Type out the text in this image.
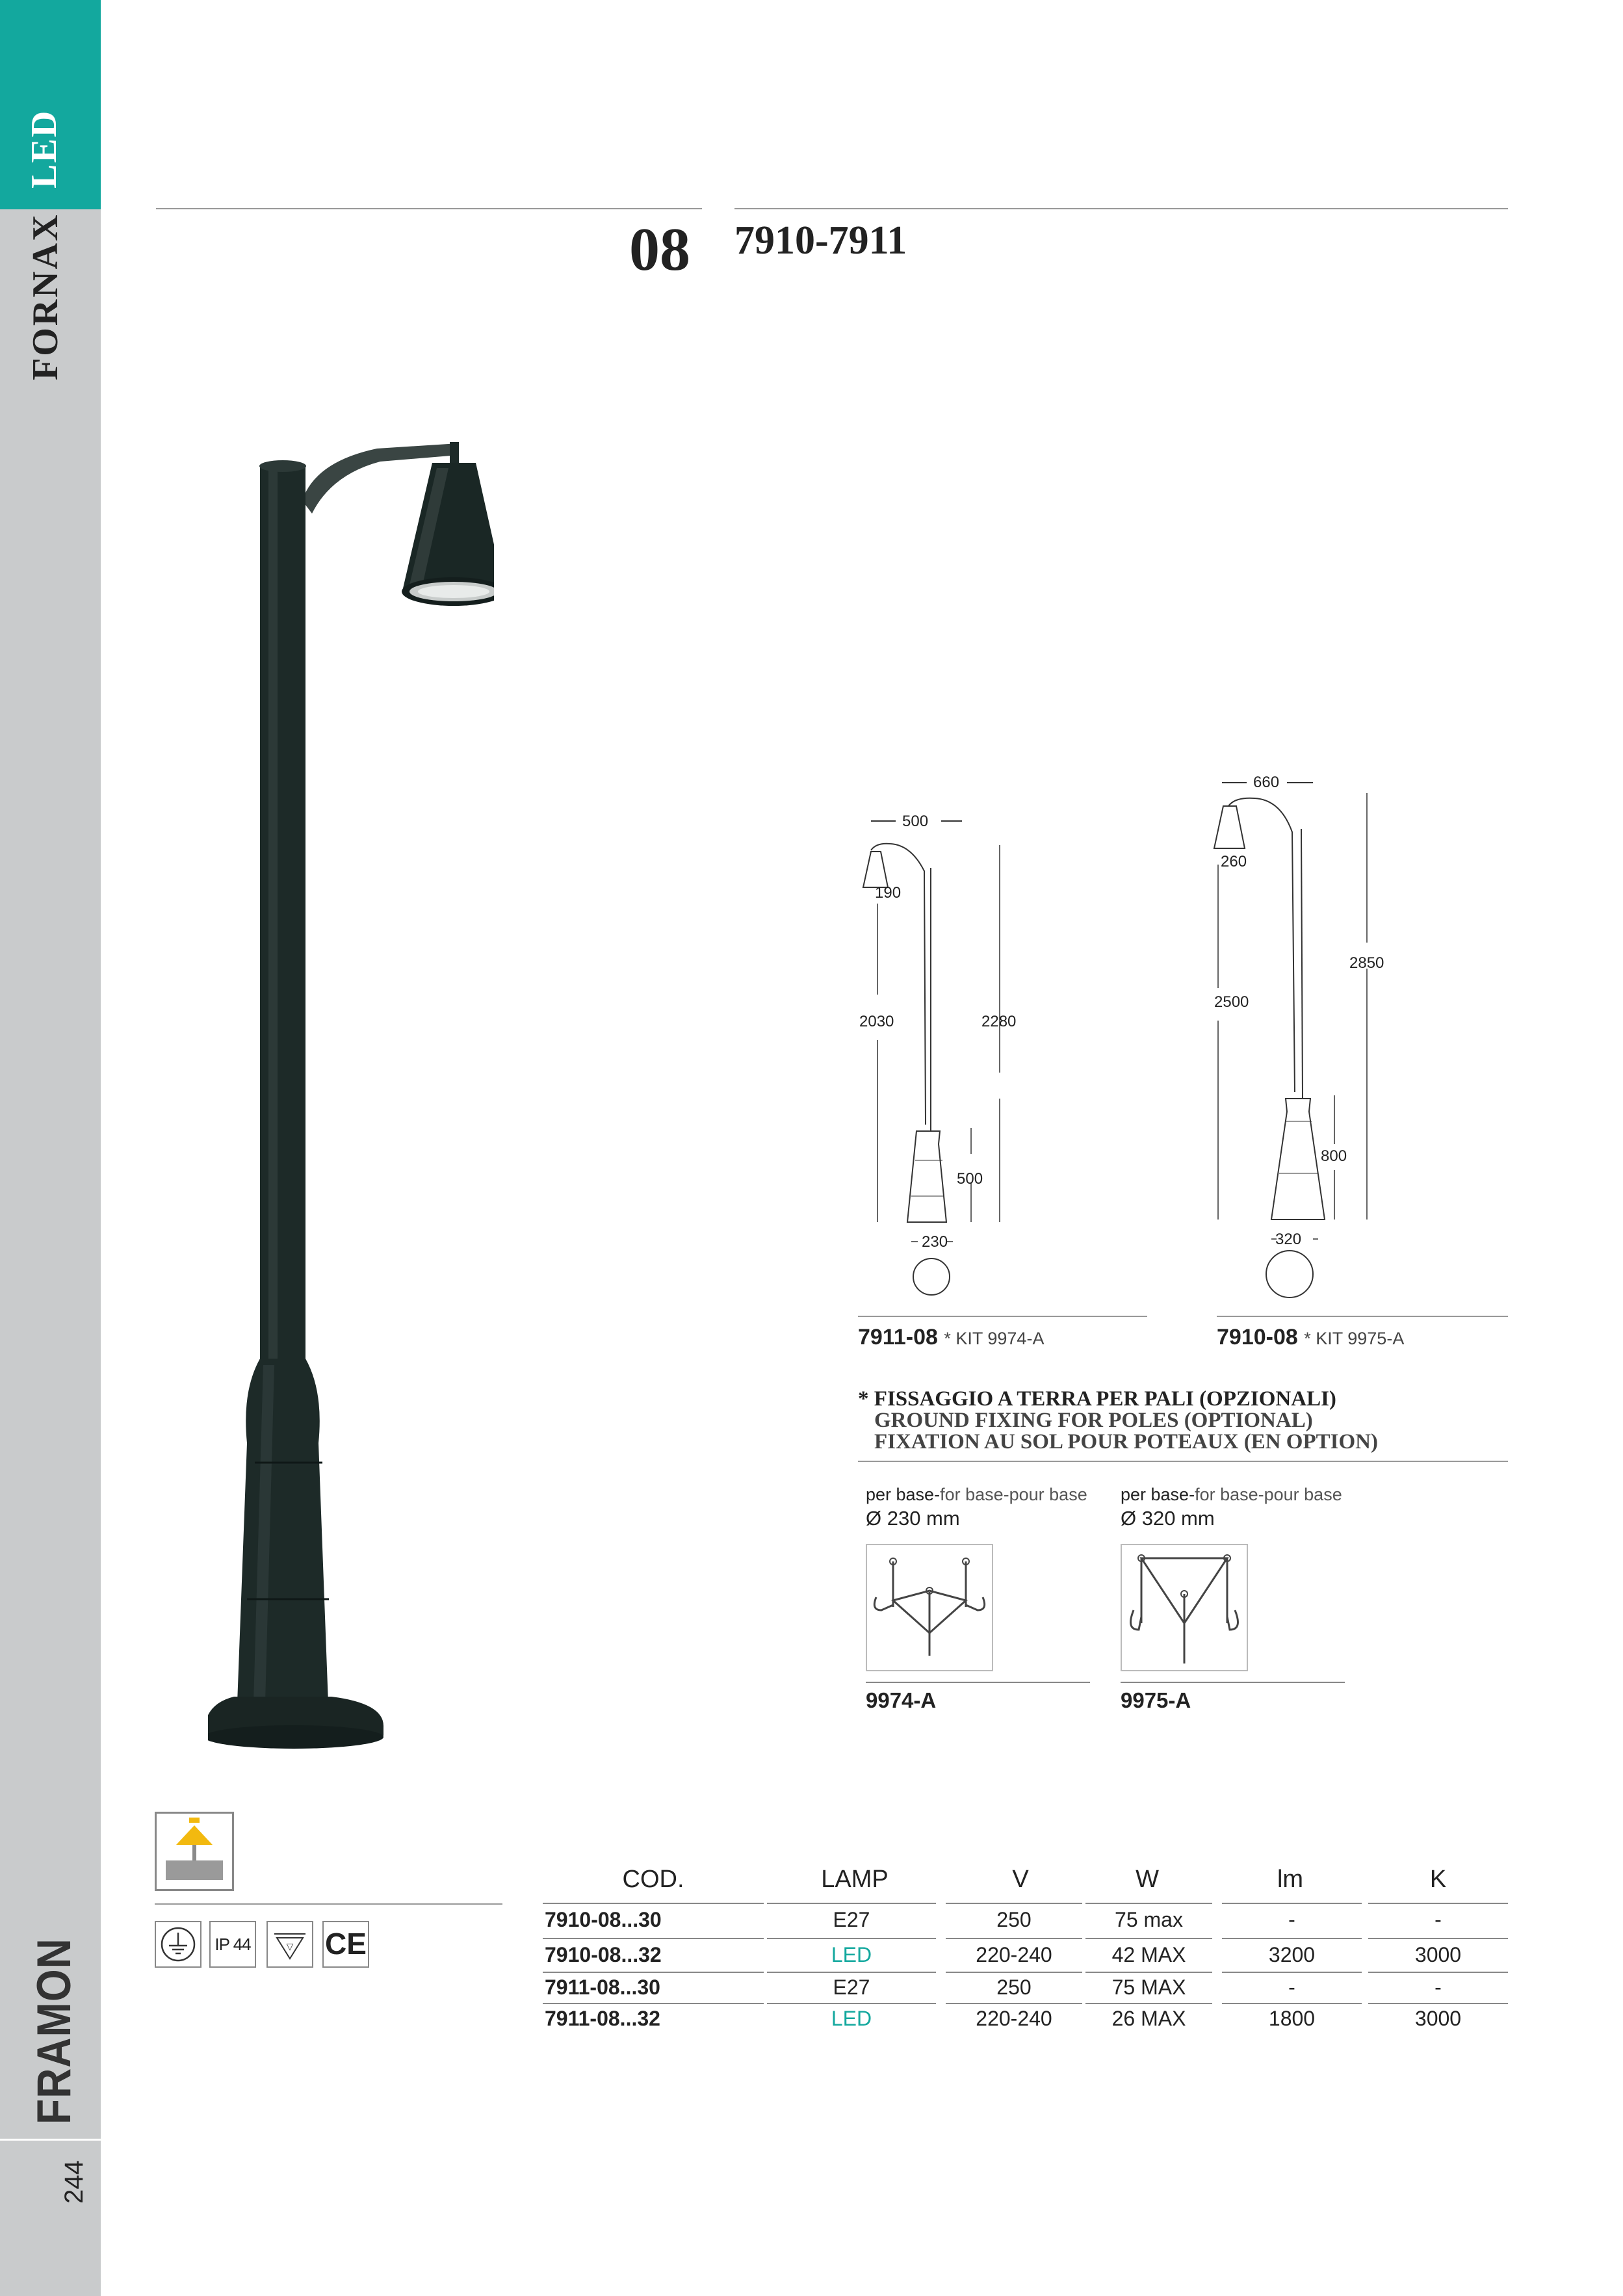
LED
FORNAX
FRAMON
244
08 7910-7911
500
190
2030	2280
500
230
660
260
2500
2850
800
320
7911-08 * KIT 9974-A	7910-08 * KIT 9975-A
* FISSAGGIO A TERRA PER PALI (OPZIONALI)
GROUND FIXING FOR POLES (OPTIONAL)
FIXATION AU SOL POUR POTEAUX (EN OPTION)
per base-for base-pour base
Ø 230 mm
per base-for base-pour base
Ø 320 mm
9974-A	9975-A
IP 44	▽ CE
COD.	LAMP	V	W	lm	K
7910-08...30	E27	250	75 max	-	-
7910-08...32	LED	220-240	42 MAX	3200	3000
7911-08...30	E27	250	75 MAX	-	-
7911-08...32	LED	220-240	26 MAX	1800	3000
